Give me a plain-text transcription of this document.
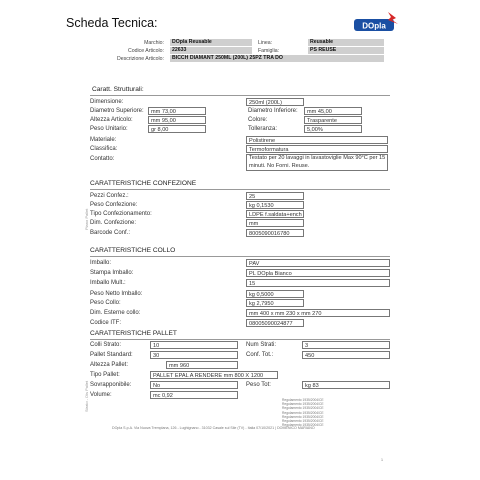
Scheda Tecnica:	DOpla
Marchio:	DOpla Reusable	Linea:	Reusable
Codice Articolo:	22633	Famiglia:	PS REUSE
Descrizione Articolo:	BICCH DIAMANT 250ML (200L) 25PZ TRA DO
Caratt. Strutturali:
Dimensione:	250ml (200L)
Diametro Superiore:	mm 73,00	Diametro Inferiore:	mm 45,00
Altezza Articolo:	mm 95,00	Colore:	Trasparente
Peso Unitario:	gr 8,00	Tolleranza:	5,00%
Materiale:	Polistirene
Classifica:	Termoformatura
Contatto:	Testato per 20 lavaggi in lavastoviglie Max 90°C per 15 minuti. No Forni. Reuse.
CARATTERISTICHE CONFEZIONE
Piano Pallet
Pezzi Confez.:	25
Peso Confezione:	kg 0,1530
Tipo Confezionamento:	LDPE f.saldata+ench
Dim. Confezione:	mm
Barcode Conf.:	8005090016780
CARATTERISTICHE COLLO
Imballo:	PAV
Stampa Imballo:	PL DOpla Bianco
Imballo Mult.:	15
Peso Netto Imballo:	kg 0,5000
Peso Collo:	kg 2,7950
Dim. Esterne collo:	mm 400 x mm 230 x mm 270
Codice ITF:	08005090024877
CARATTERISTICHE PALLET
Strato - Dis Pallet
Colli Strato:	10	Num Strati:	3
Pallet Standard:	30	Conf. Tot.:	450
Altezza Pallet:	mm 960
Tipo Pallet:	PALLET EPAL A RENDERE mm 800 X 1200
Sovrapponibile:	No	Peso Tot:	kg 83
Volume:	mc 0,92
Regolamento 1935/2004/CE
Regolamento 1935/2004/CE
Regolamento 1935/2004/CE
Regolamento 1935/2004/CE
Regolamento 1935/2004/CE
Regolamento 1935/2004/CE
Regolamento 1935/2004/CE
DOpla S.p.A. Via Nuova Tremplana, 126 - Lughignano - 31032 Casale sul Sile (TV) - Italia 07/10/2021 | DOMENICO MARIANO
1
